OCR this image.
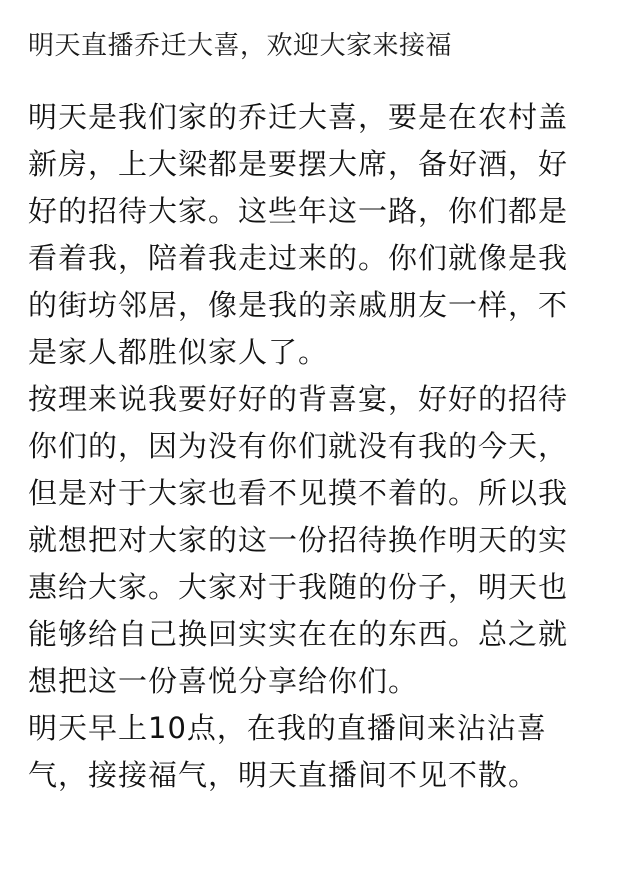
明天直播乔迁大喜，欢迎大家来接福
明天是我们家的乔迁大喜，要是在农村盖
新房，上大梁都是要摆大席，备好酒，好
好的招待大家。这些年这一路，你们都是
看着我，陪着我走过来的。你们就像是我
的街坊邻居，像是我的亲戚朋友一样，不
是家人都胜似家人了。
按理来说我要好好的背喜宴，好好的招待
你们的，因为没有你们就没有我的今天，
但是对于大家也看不见摸不着的。所以我
就想把对大家的这一份招待换作明天的实
惠给大家。大家对于我随的份子，明天也
能够给自己换回实实在在的东西。总之就
想把这一份喜悦分享给你们。
明天早上10点，在我的直播间来沾沾喜
气，接接福气，明天直播间不见不散。
